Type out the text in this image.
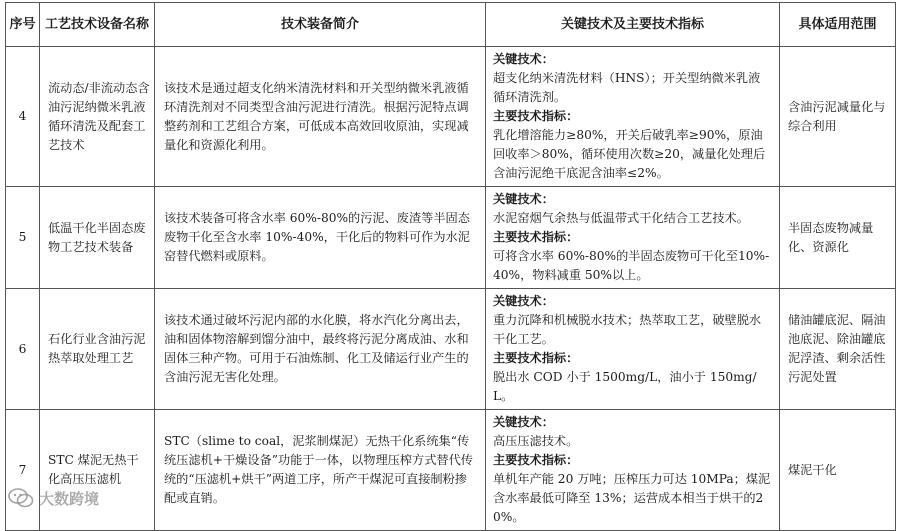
序号	工艺技术设备名称	技术装备简介	关键技术及主要技术指标	具体适用范围
4	流动态/非流动态含油污泥纳微米乳液循环清洗及配套工艺技术	该技术是通过超支化纳米清洗材料和开关型纳微米乳液循环清洗剂对不同类型含油污泥进行清洗。根据污泥特点调整药剂和工艺组合方案，可低成本高效回收原油，实现减量化和资源化利用。	关键技术：
超支化纳米清洗材料（HNS）；开关型纳微米乳液循环清洗剂。
主要技术指标：
乳化增溶能力≥80%，开关后破乳率≥90%，原油回收率＞80%，循环使用次数≥20，减量化处理后含油污泥绝干底泥含油率≤2%。	含油污泥减量化与综合利用
5	低温干化半固态废物工艺技术装备	该技术装备可将含水率 60%-80%的污泥、废渣等半固态废物干化至含水率 10%-40%，干化后的物料可作为水泥窑替代燃料或原料。	关键技术：
水泥窑烟气余热与低温带式干化结合工艺技术。
主要技术指标：
可将含水率 60%-80%的半固态废物可干化至10%-40%，物料减重 50%以上。	半固态废物减量化、资源化
6	石化行业含油污泥热萃取处理工艺	该技术通过破坏污泥内部的水化膜，将水汽化分离出去，油和固体物溶解到馏分油中，最终将污泥分离成油、水和固体三种产物。可用于石油炼制、化工及储运行业产生的含油污泥无害化处理。	关键技术：
重力沉降和机械脱水技术；热萃取工艺，破壁脱水干化工艺。
主要技术指标：
脱出水 COD 小于 1500mg/L，油小于 150mg/L。	储油罐底泥、隔油池底泥、除油罐底泥浮渣、剩余活性污泥处置
7	STC 煤泥无热干化高压压滤机	STC（slime to coal，泥浆制煤泥）无热干化系统集“传统压滤机+干燥设备”功能于一体，以物理压榨方式替代传统的“压滤机+烘干”两道工序，所产干煤泥可直接制粉掺配或直销。	关键技术：
高压压滤技术。
主要技术指标：
单机年产能 20 万吨；压榨压力可达 10MPa；煤泥含水率最低可降至 13%；运营成本相当于烘干的20%。	煤泥干化
大数跨境
